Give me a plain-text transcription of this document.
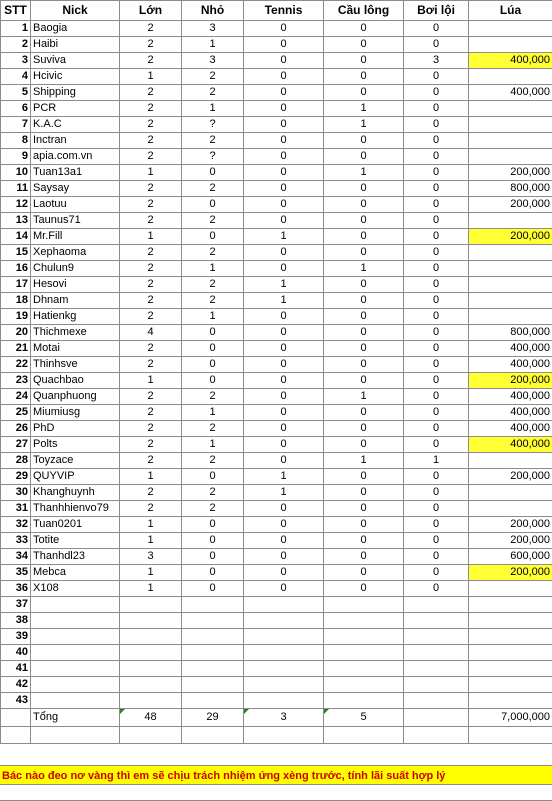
STT	Nick	Lớn	Nhỏ	Tennis	Cầu lông	Bơi lội	Lúa
1	Baogia	2	3	0	0	0	
2	Haibi	2	1	0	0	0	
3	Suviva	2	3	0	0	3	400,000
4	Hcivic	1	2	0	0	0	
5	Shipping	2	2	0	0	0	400,000
6	PCR	2	1	0	1	0	
7	K.A.C	2	?	0	1	0	
8	Inctran	2	2	0	0	0	
9	apia.com.vn	2	?	0	0	0	
10	Tuan13a1	1	0	0	1	0	200,000
11	Saysay	2	2	0	0	0	800,000
12	Laotuu	2	0	0	0	0	200,000
13	Taunus71	2	2	0	0	0	
14	Mr.Fill	1	0	1	0	0	200,000
15	Xephaoma	2	2	0	0	0	
16	Chulun9	2	1	0	1	0	
17	Hesovi	2	2	1	0	0	
18	Dhnam	2	2	1	0	0	
19	Hatienkg	2	1	0	0	0	
20	Thichmexe	4	0	0	0	0	800,000
21	Motai	2	0	0	0	0	400,000
22	Thinhsve	2	0	0	0	0	400,000
23	Quachbao	1	0	0	0	0	200,000
24	Quanphuong	2	2	0	1	0	400,000
25	Miumiusg	2	1	0	0	0	400,000
26	PhD	2	2	0	0	0	400,000
27	Polts	2	1	0	0	0	400,000
28	Toyzace	2	2	0	1	1	
29	QUYVIP	1	0	1	0	0	200,000
30	Khanghuynh	2	2	1	0	0	
31	Thanhhienvo79	2	2	0	0	0	
32	Tuan0201	1	0	0	0	0	200,000
33	Totite	1	0	0	0	0	200,000
34	Thanhdl23	3	0	0	0	0	600,000
35	Mebca	1	0	0	0	0	200,000
36	X108	1	0	0	0	0	
37							
38							
39							
40							
41							
42							
43							
	Tổng	48	29	3	5		7,000,000

Bác nào đeo nơ vàng thì em sẽ chịu trách nhiệm ứng xèng trước, tính lãi suất hợp lý
